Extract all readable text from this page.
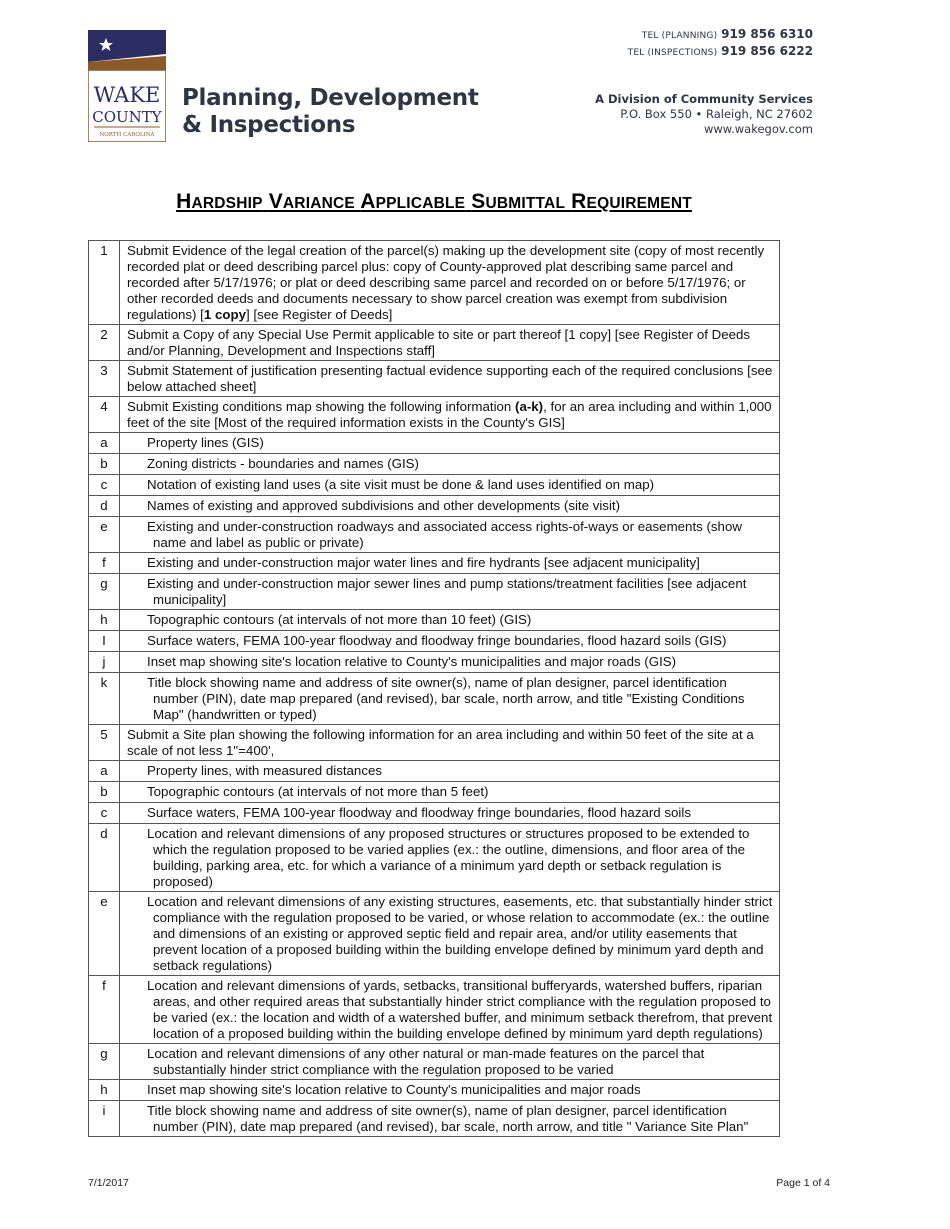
WAKE
COUNTY
NORTH CAROLINA
Planning, Development
& Inspections
TEL (PLANNING) 919 856 6310
TEL (INSPECTIONS) 919 856 6222
A Division of Community Services
P.O. Box 550 • Raleigh, NC 27602
www.wakegov.com
HARDSHIP VARIANCE APPLICABLE SUBMITTAL REQUIREMENT
1	Submit Evidence of the legal creation of the parcel(s) making up the development site (copy of most recently recorded plat or deed describing parcel plus: copy of County-approved plat describing same parcel and recorded after 5/17/1976; or plat or deed describing same parcel and recorded on or before 5/17/1976; or other recorded deeds and documents necessary to show parcel creation was exempt from subdivision regulations) [1 copy] [see Register of Deeds]

2	Submit a Copy of any Special Use Permit applicable to site or part thereof [1 copy] [see Register of Deeds and/or Planning, Development and Inspections staff]

3	Submit Statement of justification presenting factual evidence supporting each of the required conclusions [see below attached sheet]

4	Submit Existing conditions map showing the following information (a-k), for an area including and within 1,000 feet of the site [Most of the required information exists in the County's GIS]

a	Property lines (GIS)

b	Zoning districts - boundaries and names (GIS)

c	Notation of existing land uses (a site visit must be done & land uses identified on map)

d	Names of existing and approved subdivisions and other developments (site visit)

e	Existing and under-construction roadways and associated access rights-of-ways or easements (show name and label as public or private)

f	Existing and under-construction major water lines and fire hydrants [see adjacent municipality]

g	Existing and under-construction major sewer lines and pump stations/treatment facilities [see adjacent municipality]

h	Topographic contours (at intervals of not more than 10 feet) (GIS)

I	Surface waters, FEMA 100-year floodway and floodway fringe boundaries, flood hazard soils (GIS)

j	Inset map showing site's location relative to County's municipalities and major roads (GIS)

k	Title block showing name and address of site owner(s), name of plan designer, parcel identification number (PIN), date map prepared (and revised), bar scale, north arrow, and title "Existing Conditions Map" (handwritten or typed)

5	Submit a Site plan showing the following information for an area including and within 50 feet of the site at a scale of not less 1"=400',

a	Property lines, with measured distances

b	Topographic contours (at intervals of not more than 5 feet)

c	Surface waters, FEMA 100-year floodway and floodway fringe boundaries, flood hazard soils

d	Location and relevant dimensions of any proposed structures or structures proposed to be extended to which the regulation proposed to be varied applies (ex.: the outline, dimensions, and floor area of the building, parking area, etc. for which a variance of a minimum yard depth or setback regulation is proposed)

e	Location and relevant dimensions of any existing structures, easements, etc. that substantially hinder strict compliance with the regulation proposed to be varied, or whose relation to accommodate (ex.: the outline and dimensions of an existing or approved septic field and repair area, and/or utility easements that prevent location of a proposed building within the building envelope defined by minimum yard depth and setback regulations)

f	Location and relevant dimensions of yards, setbacks, transitional bufferyards, watershed buffers, riparian areas, and other required areas that substantially hinder strict compliance with the regulation proposed to be varied (ex.: the location and width of a watershed buffer, and minimum setback therefrom, that prevent location of a proposed building within the building envelope defined by minimum yard depth regulations)

g	Location and relevant dimensions of any other natural or man-made features on the parcel that substantially hinder strict compliance with the regulation proposed to be varied

h	Inset map showing site's location relative to County's municipalities and major roads

i	Title block showing name and address of site owner(s), name of plan designer, parcel identification number (PIN), date map prepared (and revised), bar scale, north arrow, and title " Variance Site Plan"
7/1/2017	Page 1 of 4
